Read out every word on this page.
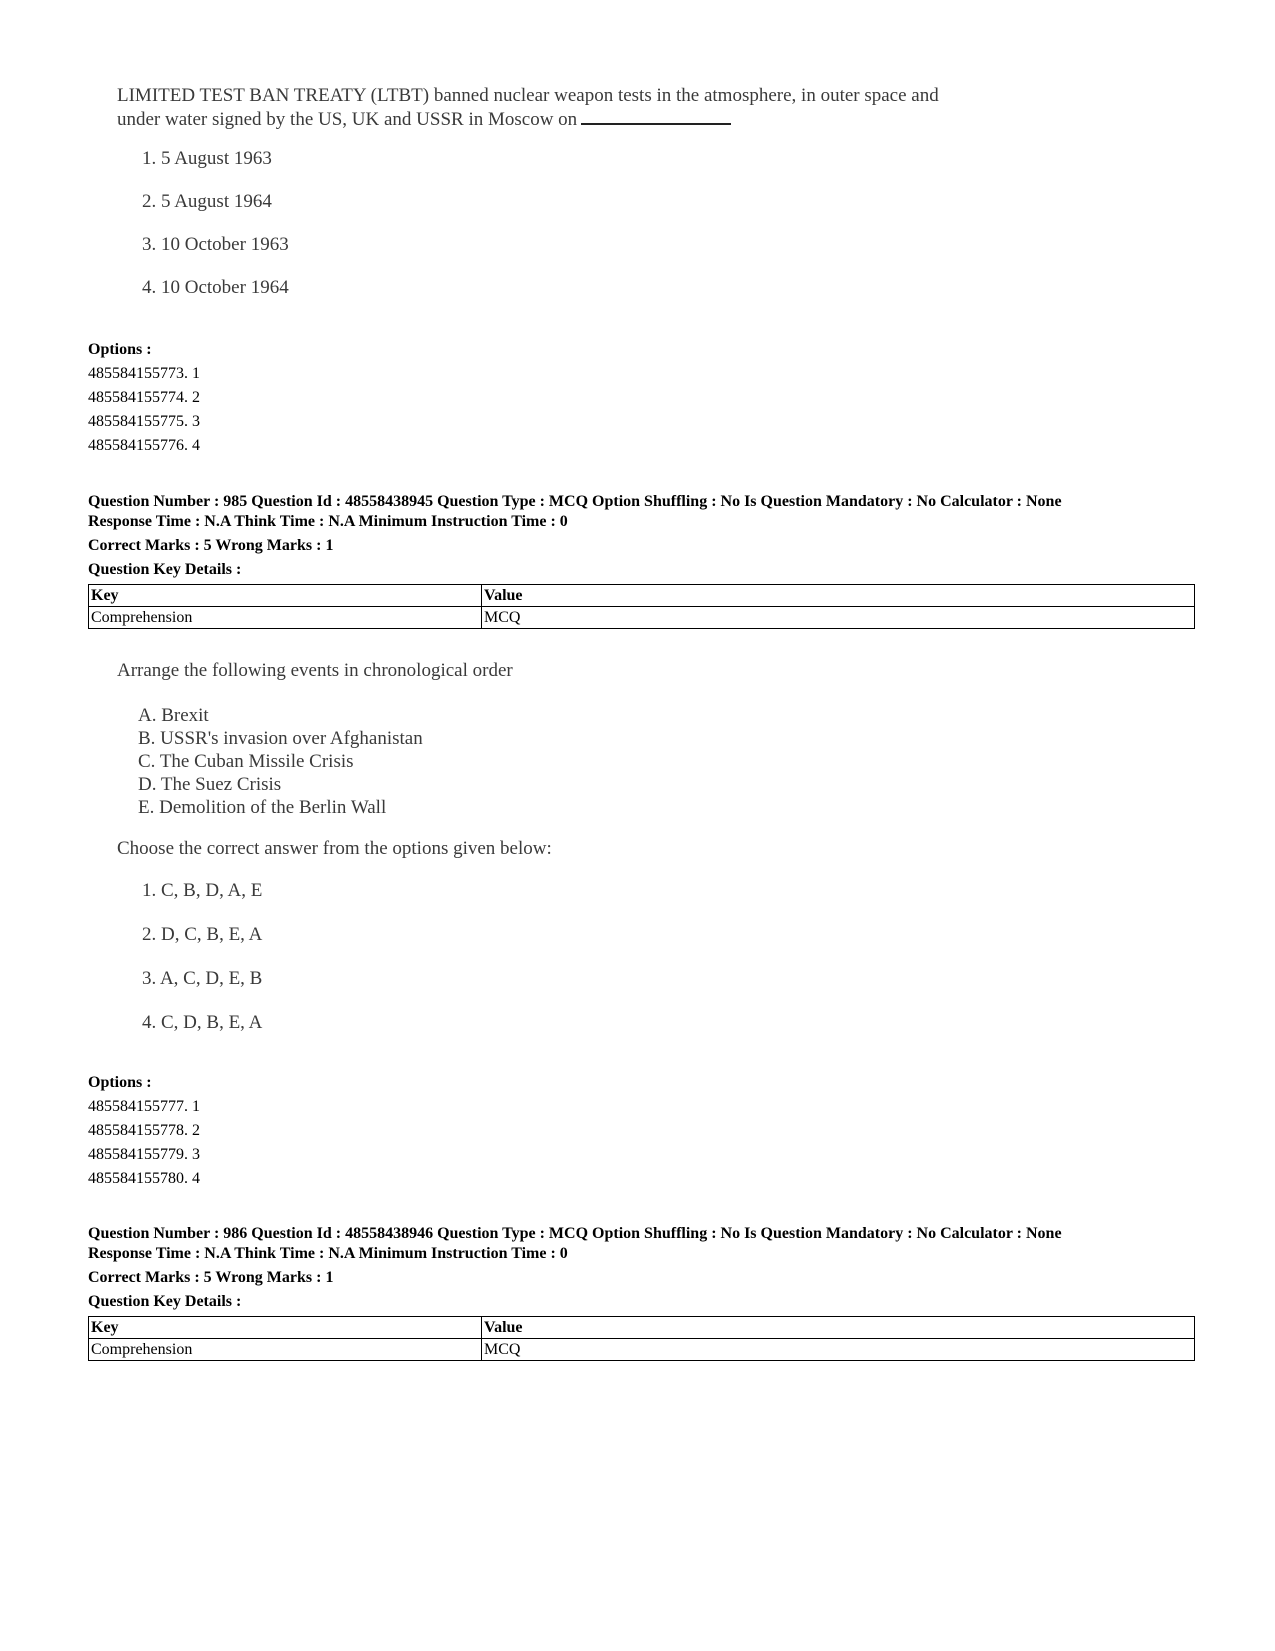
LIMITED TEST BAN TREATY (LTBT) banned nuclear weapon tests in the atmosphere, in outer space and
under water signed by the US, UK and USSR in Moscow on
1. 5 August 1963
2. 5 August 1964
3. 10 October 1963
4. 10 October 1964
Options :
485584155773. 1
485584155774. 2
485584155775. 3
485584155776. 4
Question Number : 985 Question Id : 48558438945 Question Type : MCQ Option Shuffling : No Is Question Mandatory : No Calculator : None
Response Time : N.A Think Time : N.A Minimum Instruction Time : 0
Correct Marks : 5 Wrong Marks : 1
Question Key Details :
Key	Value
Comprehension	MCQ
Arrange the following events in chronological order
A. Brexit
B. USSR's invasion over Afghanistan
C. The Cuban Missile Crisis
D. The Suez Crisis
E. Demolition of the Berlin Wall
Choose the correct answer from the options given below:
1. C, B, D, A, E
2. D, C, B, E, A
3. A, C, D, E, B
4. C, D, B, E, A
Options :
485584155777. 1
485584155778. 2
485584155779. 3
485584155780. 4
Question Number : 986 Question Id : 48558438946 Question Type : MCQ Option Shuffling : No Is Question Mandatory : No Calculator : None
Response Time : N.A Think Time : N.A Minimum Instruction Time : 0
Correct Marks : 5 Wrong Marks : 1
Question Key Details :
Key	Value
Comprehension	MCQ
